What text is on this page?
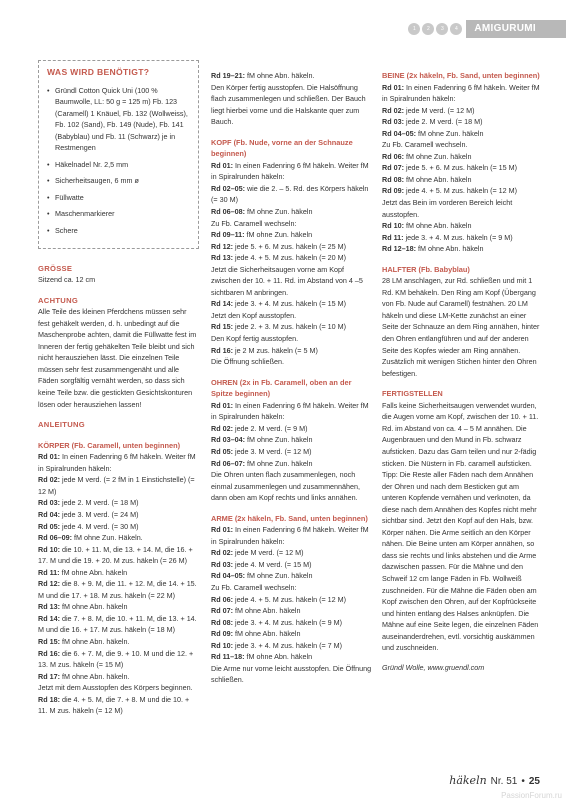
1	2	3	4	AMIGURUMI
WAS WIRD BENÖTIGT?
• Gründl Cotton Quick Uni (100 % Baumwolle, LL: 50 g = 125 m) Fb. 123 (Caramell) 1 Knäuel, Fb. 132 (Wollweiss), Fb. 102 (Sand), Fb. 149 (Nude), Fb. 141 (Babyblau) und Fb. 11 (Schwarz) je in Restmengen
• Häkelnadel Nr. 2,5 mm
• Sicherheitsaugen, 6 mm ø
• Füllwatte
• Maschenmarkierer
• Schere
GRÖSSE
Sitzend ca. 12 cm
ACHTUNG
Alle Teile des kleinen Pferdchens müssen sehr fest gehäkelt werden, d. h. unbedingt auf die Maschenprobe achten, damit die Füllwatte fest im Inneren der fertig gehäkelten Teile bleibt und sich nicht herausziehen lässt. Die einzelnen Teile müssen sehr fest zusammengenäht und alle Fäden sorgfältig vernäht werden, so dass sich keine Teile bzw. die gestickten Gesichtskonturen lösen oder herausziehen lassen!
ANLEITUNG
KÖRPER (Fb. Caramell, unten beginnen)
Rd 01: In einen Fadenring 6 fM häkeln. Weiter fM in Spiralrunden häkeln:
Rd 02: jede M verd. (= 2 fM in 1 Einstichstelle) (= 12 M)
Rd 03: jede 2. M verd. (= 18 M)
Rd 04: jede 3. M verd. (= 24 M)
Rd 05: jede 4. M verd. (= 30 M)
Rd 06–09: fM ohne Zun. Häkeln.
Rd 10: die 10. + 11. M, die 13. + 14. M, die 16. + 17. M und die 19. + 20. M zus. häkeln (= 26 M)
Rd 11: fM ohne Abn. häkeln
Rd 12: die 8. + 9. M, die 11. + 12. M, die 14. + 15. M und die 17. + 18. M zus. häkeln (= 22 M)
Rd 13: fM ohne Abn. häkeln
Rd 14: die 7. + 8. M, die 10. + 11. M, die 13. + 14. M und die 16. + 17. M zus. häkeln (= 18 M)
Rd 15: fM ohne Abn. häkeln.
Rd 16: die 6. + 7. M, die 9. + 10. M und die 12. + 13. M zus. häkeln (= 15 M)
Rd 17: fM ohne Abn. häkeln.
Jetzt mit dem Ausstopfen des Körpers beginnen.
Rd 18: die 4. + 5. M, die 7. + 8. M und die 10. + 11. M zus. häkeln (= 12 M)
Rd 19–21: fM ohne Abn. häkeln.
Den Körper fertig ausstopfen. Die Halsöffnung flach zusammenlegen und schließen. Der Bauch liegt hierbei vorne und die Halskante quer zum Bauch.
KOPF (Fb. Nude, vorne an der Schnauze beginnen)
Rd 01: In einen Fadenring 6 fM häkeln. Weiter fM in Spiralrunden häkeln:
Rd 02–05: wie die 2. – 5. Rd. des Körpers häkeln (= 30 M)
Rd 06–08: fM ohne Zun. häkeln
Zu Fb. Caramell wechseln:
Rd 09–11: fM ohne Zun. häkeln
Rd 12: jede 5. + 6. M zus. häkeln (= 25 M)
Rd 13: jede 4. + 5. M zus. häkeln (= 20 M)
Jetzt die Sicherheitsaugen vorne am Kopf zwischen der 10. + 11. Rd. im Abstand von 4 –5 sichtbaren M anbringen.
Rd 14: jede 3. + 4. M zus. häkeln (= 15 M)
Jetzt den Kopf ausstopfen.
Rd 15: jede 2. + 3. M zus. häkeln (= 10 M)
Den Kopf fertig ausstopfen.
Rd 16: je 2 M zus. häkeln (= 5 M)
Die Öffnung schließen.
OHREN (2x in Fb. Caramell, oben an der Spitze beginnen)
Rd 01: In einen Fadenring 6 fM häkeln. Weiter fM in Spiralrunden häkeln:
Rd 02: jede 2. M verd. (= 9 M)
Rd 03–04: fM ohne Zun. häkeln
Rd 05: jede 3. M verd. (= 12 M)
Rd 06–07: fM ohne Zun. häkeln
Die Ohren unten flach zusammenlegen, noch einmal zusammenlegen und zusammennähen, dann oben am Kopf rechts und links annähen.
ARME (2x häkeln, Fb. Sand, unten beginnen)
Rd 01: In einen Fadenring 6 fM häkeln. Weiter fM in Spiralrunden häkeln:
Rd 02: jede M verd. (= 12 M)
Rd 03: jede 4. M verd. (= 15 M)
Rd 04–05: fM ohne Zun. häkeln
Zu Fb. Caramell wechseln:
Rd 06: jede 4. + 5. M zus. häkeln (= 12 M)
Rd 07: fM ohne Abn. häkeln
Rd 08: jede 3. + 4. M zus. häkeln (= 9 M)
Rd 09: fM ohne Abn. häkeln
Rd 10: jede 3. + 4. M zus. häkeln (= 7 M)
Rd 11–18: fM ohne Abn. häkeln
Die Arme nur vorne leicht ausstopfen. Die Öffnung schließen.
BEINE (2x häkeln, Fb. Sand, unten beginnen)
Rd 01: In einen Fadenring 6 fM häkeln. Weiter fM in Spiralrunden häkeln:
Rd 02: jede M verd. (= 12 M)
Rd 03: jede 2. M verd. (= 18 M)
Rd 04–05: fM ohne Zun. häkeln
Zu Fb. Caramell wechseln.
Rd 06: fM ohne Zun. häkeln
Rd 07: jede 5. + 6. M zus. häkeln (= 15 M)
Rd 08: fM ohne Abn. häkeln
Rd 09: jede 4. + 5. M zus. häkeln (= 12 M)
Jetzt das Bein im vorderen Bereich leicht ausstopfen.
Rd 10: fM ohne Abn. häkeln
Rd 11: jede 3. + 4. M zus. häkeln (= 9 M)
Rd 12–18: fM ohne Abn. häkeln
HALFTER (Fb. Babyblau)
28 LM anschlagen, zur Rd. schließen und mit 1 Rd. KM behäkeln. Den Ring am Kopf (Übergang von Fb. Nude auf Caramell) festnähen. 20 LM häkeln und diese LM-Kette zunächst an einer Seite der Schnauze an dem Ring annähen, hinter den Ohren entlangführen und auf der anderen Seite des Kopfes wieder am Ring annähen. Zusätzlich mit wenigen Stichen hinter den Ohren befestigen.
FERTIGSTELLEN
Falls keine Sicherheitsaugen verwendet wurden, die Augen vorne am Kopf, zwischen der 10. + 11. Rd. im Abstand von ca. 4 – 5 M annähen. Die Augenbrauen und den Mund in Fb. schwarz aufsticken. Dazu das Garn teilen und nur 2-fädig sticken. Die Nüstern in Fb. caramell aufsticken.
Tipp: Die Reste aller Fäden nach dem Annähen der Ohren und nach dem Besticken gut am unteren Kopfende vernähen und verknoten, da diese nach dem Annähen des Kopfes nicht mehr sichtbar sind. Jetzt den Kopf auf den Hals, bzw. Körper nähen. Die Arme seitlich an den Körper nähen. Die Beine unten am Körper annähen, so dass sie rechts und links abstehen und die Arme dazwischen passen. Für die Mähne und den Schweif 12 cm lange Fäden in Fb. Wollweiß zuschneiden. Für die Mähne die Fäden oben am Kopf zwischen den Ohren, auf der Kopfrückseite und hinten entlang des Halses anknüpfen. Die Mähne auf eine Seite legen, die einzelnen Fäden auseinanderdrehen, evtl. vorsichtig auskämmen und zuschneiden.
Gründl Wolle, www.gruendl.com
häkeln Nr. 51 • 25
PassionForum.ru
